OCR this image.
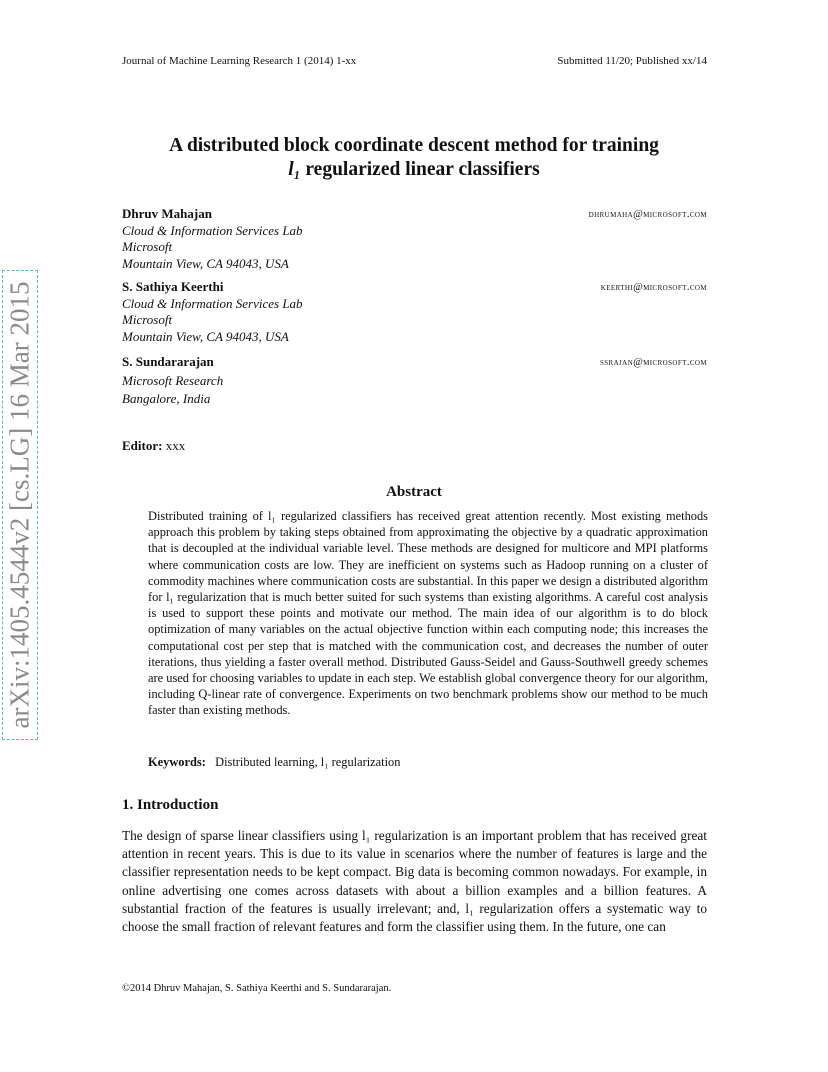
Journal of Machine Learning Research 1 (2014) 1-xx	Submitted 11/20; Published xx/14
A distributed block coordinate descent method for training
l₁ regularized linear classifiers
Dhruv Mahajan	dhrumaha@microsoft.com
Cloud & Information Services Lab
Microsoft
Mountain View, CA 94043, USA
S. Sathiya Keerthi	keerthi@microsoft.com
Cloud & Information Services Lab
Microsoft
Mountain View, CA 94043, USA
S. Sundararajan	ssrajan@microsoft.com
Microsoft Research
Bangalore, India
Editor: xxx
Abstract

Distributed training of l₁ regularized classifiers has received great attention recently. Most existing methods approach this problem by taking steps obtained from approximating the objective by a quadratic approximation that is decoupled at the individual variable level. These methods are designed for multicore and MPI platforms where communication costs are low. They are inefficient on systems such as Hadoop running on a cluster of commodity machines where communication costs are substantial. In this paper we design a distributed algorithm for l₁ regularization that is much better suited for such systems than existing algorithms. A careful cost analysis is used to support these points and motivate our method. The main idea of our algorithm is to do block optimization of many variables on the actual objective function within each computing node; this increases the computational cost per step that is matched with the communication cost, and decreases the number of outer iterations, thus yielding a faster overall method. Distributed Gauss-Seidel and Gauss-Southwell greedy schemes are used for choosing variables to update in each step. We establish global convergence theory for our algorithm, including Q-linear rate of convergence. Experiments on two benchmark problems show our method to be much faster than existing methods.

Keywords: Distributed learning, l₁ regularization
1. Introduction

The design of sparse linear classifiers using l₁ regularization is an important problem that has received great attention in recent years. This is due to its value in scenarios where the number of features is large and the classifier representation needs to be kept compact. Big data is becoming common nowadays. For example, in online advertising one comes across datasets with about a billion examples and a billion features. A substantial fraction of the features is usually irrelevant; and, l₁ regularization offers a systematic way to choose the small fraction of relevant features and form the classifier using them. In the future, one can

©2014 Dhruv Mahajan, S. Sathiya Keerthi and S. Sundararajan.
arXiv:1405.4544v2 [cs.LG] 16 Mar 2015
